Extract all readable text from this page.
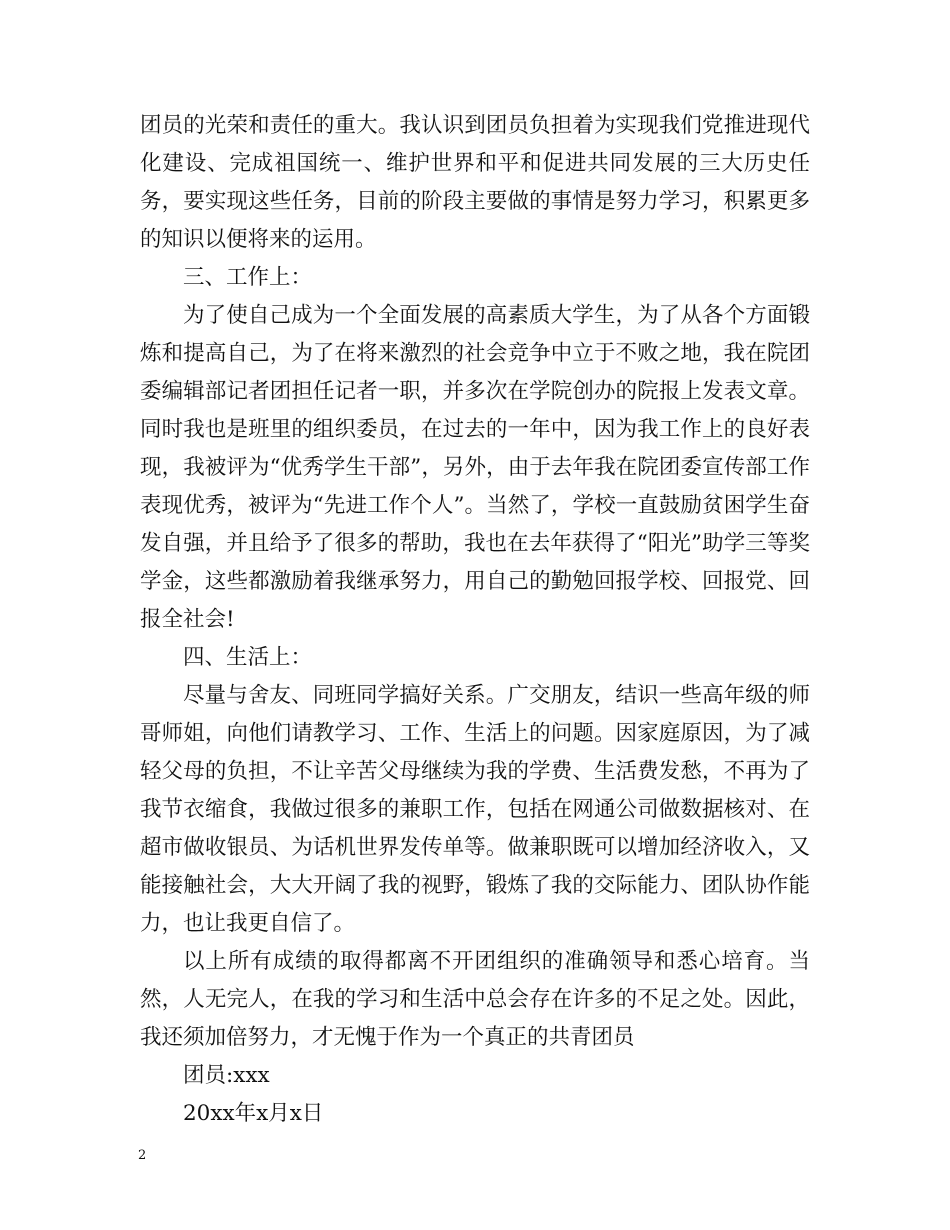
团员的光荣和责任的重大。我认识到团员负担着为实现我们党推进现代化建设、完成祖国统一、维护世界和平和促进共同发展的三大历史任务，要实现这些任务，目前的阶段主要做的事情是努力学习，积累更多的知识以便将来的运用。

三、工作上：

为了使自己成为一个全面发展的高素质大学生，为了从各个方面锻炼和提高自己，为了在将来激烈的社会竞争中立于不败之地，我在院团委编辑部记者团担任记者一职，并多次在学院创办的院报上发表文章。同时我也是班里的组织委员，在过去的一年中，因为我工作上的良好表现，我被评为“优秀学生干部”，另外，由于去年我在院团委宣传部工作表现优秀，被评为“先进工作个人”。当然了，学校一直鼓励贫困学生奋发自强，并且给予了很多的帮助，我也在去年获得了“阳光”助学三等奖学金，这些都激励着我继承努力，用自己的勤勉回报学校、回报党、回报全社会!

四、生活上：

尽量与舍友、同班同学搞好关系。广交朋友，结识一些高年级的师哥师姐，向他们请教学习、工作、生活上的问题。因家庭原因，为了减轻父母的负担，不让辛苦父母继续为我的学费、生活费发愁，不再为了我节衣缩食，我做过很多的兼职工作，包括在网通公司做数据核对、在超市做收银员、为话机世界发传单等。做兼职既可以增加经济收入，又能接触社会，大大开阔了我的视野，锻炼了我的交际能力、团队协作能力，也让我更自信了。

以上所有成绩的取得都离不开团组织的准确领导和悉心培育。当然，人无完人，在我的学习和生活中总会存在许多的不足之处。因此，我还须加倍努力，才无愧于作为一个真正的共青团员

团员:xxx

20xx年x月x日

2
